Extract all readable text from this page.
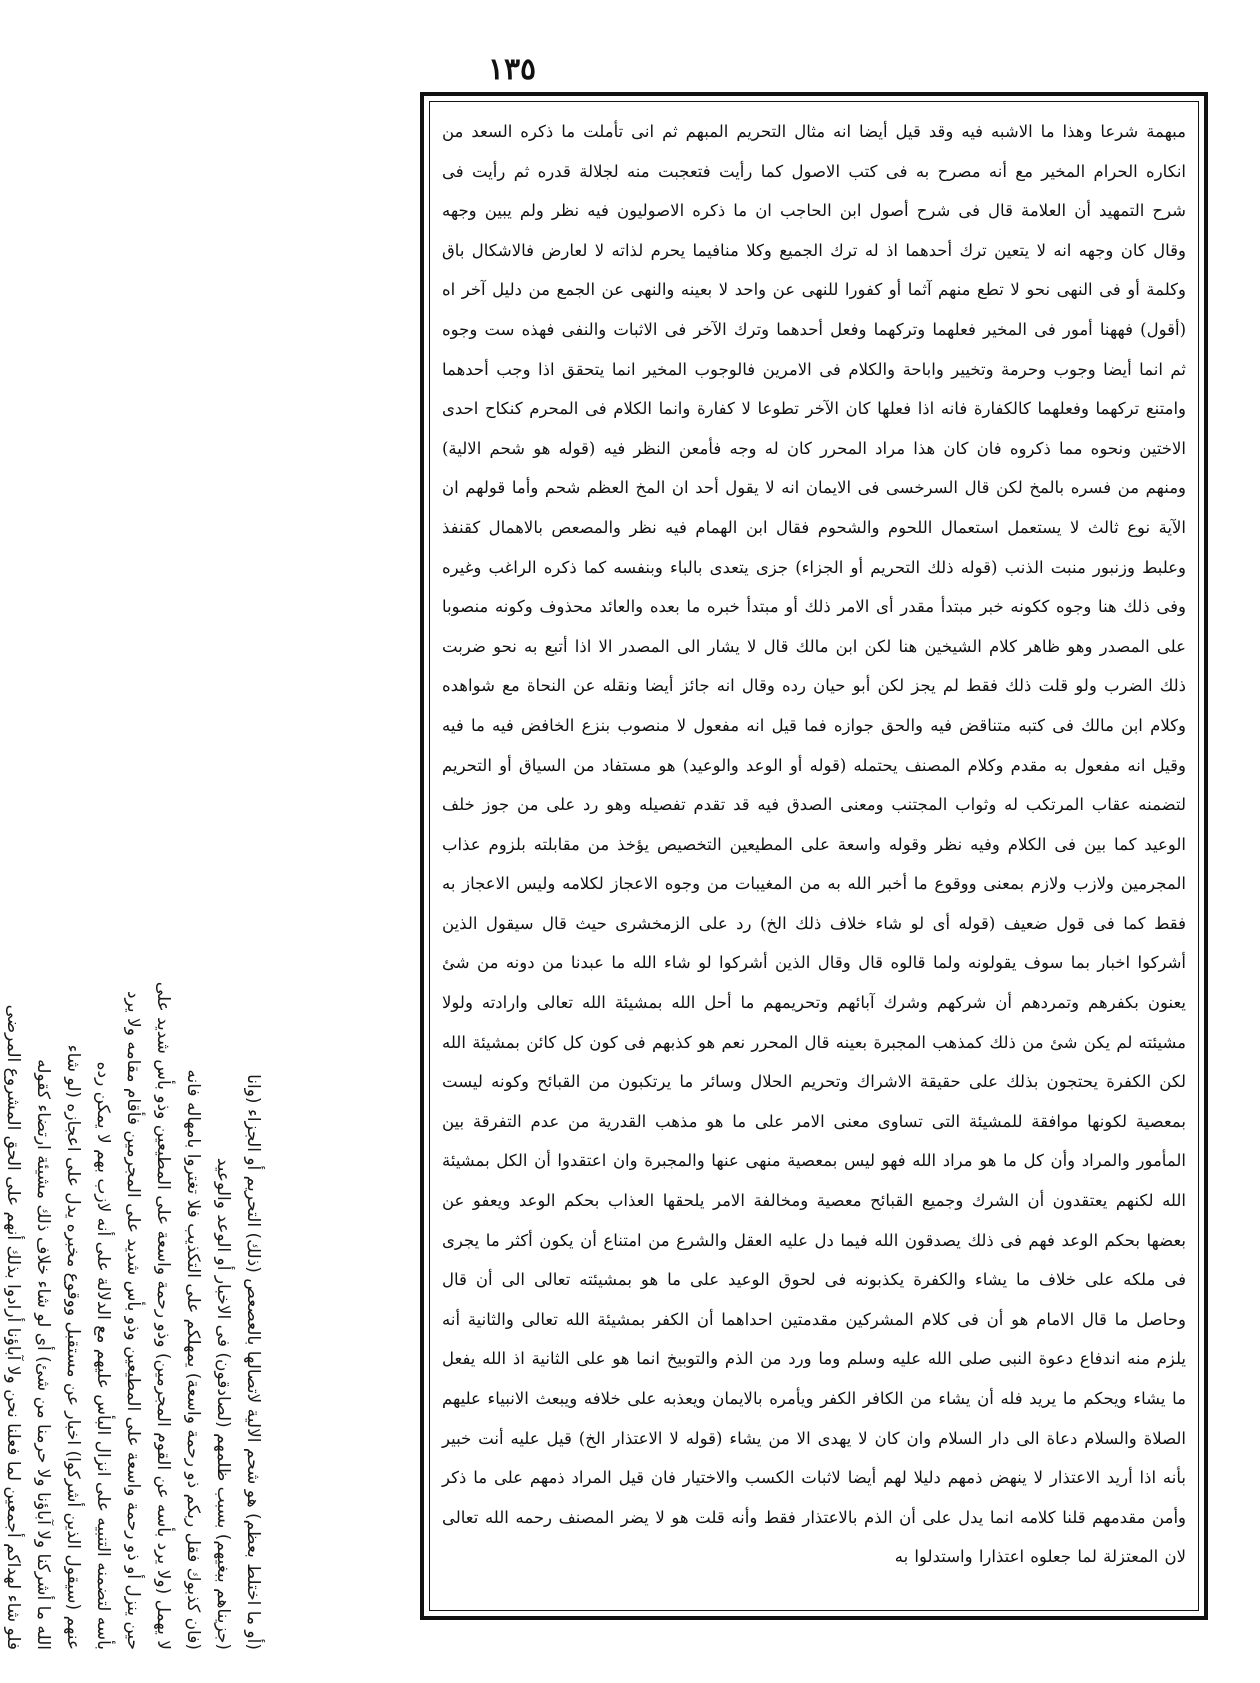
١٣٥

(أو ما اختلط بعظم) هو شحم الالية لاتصالها بالعصعص (ذلك) التحريم أو الجزاء (وانا

(جزيناهم ببغيهم) بسبب ظلمهم (لصادقون) فى الاخبار أو الوعد والوعيد

(فان كذبوك فقل ربكم ذو رحمة واسعة) يمهلكم على التكذيب فلا تغتروا بامهاله فانه

لا يهمل (ولا يرد بأسه عن القوم المجرمين) وذو رحمة واسعة على المطيعين وذو بأس شديد على

حين ينزل أو ذو رحمة واسعة على المطيعين وذو بأس شديد على المجرمين فأقام مقامه ولا يرد

بأسه لتضمنه التنبيه على انزال البأس عليهم مع الدلالة على أنه لازب بهم لا يمكن رده

عنهم (سيقول الذين أشركوا) اخبار عن مستقبل ووقوع مخبره يدل على اعجازه (لو شاء

الله ما أشركنا ولا آباؤنا ولا حرمنا من شئ) أى لو شاء خلاف ذلك مشيئة ارتضاء كقوله

فلو شاء لهداكم أجمعين لما فعلنا نحن ولا آباؤنا أرادوا بذلك أنهم على الحق المشروع المرضى

مبهمة شرعا وهذا ما الاشبه فيه وقد قيل أيضا انه مثال التحريم المبهم ثم انى تأملت ما ذكره السعد من انكاره الحرام المخير مع أنه مصرح به فى كتب الاصول كما رأيت فتعجبت منه لجلالة قدره ثم رأيت فى شرح التمهيد أن العلامة قال فى شرح أصول ابن الحاجب ان ما ذكره الاصوليون فيه نظر ولم يبين وجهه وقال كان وجهه انه لا يتعين ترك أحدهما اذ له ترك الجميع وكلا منافيما يحرم لذاته لا لعارض فالاشكال باق وكلمة أو فى النهى نحو لا تطع منهم آثما أو كفورا للنهى عن واحد لا بعينه والنهى عن الجمع من دليل آخر اه (أقول) فههنا أمور فى المخير فعلهما وتركهما وفعل أحدهما وترك الآخر فى الاثبات والنفى فهذه ست وجوه ثم انما أيضا وجوب وحرمة وتخيير واباحة والكلام فى الامرين فالوجوب المخير انما يتحقق اذا وجب أحدهما وامتنع تركهما وفعلهما كالكفارة فانه اذا فعلها كان الآخر تطوعا لا كفارة وانما الكلام فى المحرم كنكاح احدى الاختين ونحوه مما ذكروه فان كان هذا مراد المحرر كان له وجه فأمعن النظر فيه (قوله هو شحم الالية) ومنهم من فسره بالمخ لكن قال السرخسى فى الايمان انه لا يقول أحد ان المخ العظم شحم وأما قولهم ان الآية نوع ثالث لا يستعمل استعمال اللحوم والشحوم فقال ابن الهمام فيه نظر والمصعص بالاهمال كقنفذ وعلبط وزنبور منبت الذنب (قوله ذلك التحريم أو الجزاء) جزى يتعدى بالباء وبنفسه كما ذكره الراغب وغيره وفى ذلك هنا وجوه ككونه خبر مبتدأ مقدر أى الامر ذلك أو مبتدأ خبره ما بعده والعائد محذوف وكونه منصوبا على المصدر وهو ظاهر كلام الشيخين هنا لكن ابن مالك قال لا يشار الى المصدر الا اذا أتبع به نحو ضربت ذلك الضرب ولو قلت ذلك فقط لم يجز لكن أبو حيان رده وقال انه جائز أيضا ونقله عن النحاة مع شواهده وكلام ابن مالك فى كتبه متناقض فيه والحق جوازه فما قيل انه مفعول لا منصوب بنزع الخافض فيه ما فيه وقيل انه مفعول به مقدم وكلام المصنف يحتمله (قوله أو الوعد والوعيد) هو مستفاد من السياق أو التحريم لتضمنه عقاب المرتكب له وثواب المجتنب ومعنى الصدق فيه قد تقدم تفصيله وهو رد على من جوز خلف الوعيد كما بين فى الكلام وفيه نظر وقوله واسعة على المطيعين التخصيص يؤخذ من مقابلته بلزوم عذاب المجرمين ولازب ولازم بمعنى ووقوع ما أخبر الله به من المغيبات من وجوه الاعجاز لكلامه وليس الاعجاز به فقط كما فى قول ضعيف (قوله أى لو شاء خلاف ذلك الخ) رد على الزمخشرى حيث قال سيقول الذين أشركوا اخبار بما سوف يقولونه ولما قالوه قال وقال الذين أشركوا لو شاء الله ما عبدنا من دونه من شئ يعنون بكفرهم وتمردهم أن شركهم وشرك آبائهم وتحريمهم ما أحل الله بمشيئة الله تعالى وارادته ولولا مشيئته لم يكن شئ من ذلك كمذهب المجبرة بعينه قال المحرر نعم هو كذبهم فى كون كل كائن بمشيئة الله لكن الكفرة يحتجون بذلك على حقيقة الاشراك وتحريم الحلال وسائر ما يرتكبون من القبائح وكونه ليست بمعصية لكونها موافقة للمشيئة التى تساوى معنى الامر على ما هو مذهب القدرية من عدم التفرقة بين المأمور والمراد وأن كل ما هو مراد الله فهو ليس بمعصية منهى عنها والمجبرة وان اعتقدوا أن الكل بمشيئة الله لكنهم يعتقدون أن الشرك وجميع القبائح معصية ومخالفة الامر يلحقها العذاب بحكم الوعد ويعفو عن بعضها بحكم الوعد فهم فى ذلك يصدقون الله فيما دل عليه العقل والشرع من امتناع أن يكون أكثر ما يجرى فى ملكه على خلاف ما يشاء والكفرة يكذبونه فى لحوق الوعيد على ما هو بمشيئته تعالى الى أن قال وحاصل ما قال الامام هو أن فى كلام المشركين مقدمتين احداهما أن الكفر بمشيئة الله تعالى والثانية أنه يلزم منه اندفاع دعوة النبى صلى الله عليه وسلم وما ورد من الذم والتوبيخ انما هو على الثانية اذ الله يفعل ما يشاء ويحكم ما يريد فله أن يشاء من الكافر الكفر ويأمره بالايمان ويعذبه على خلافه ويبعث الانبياء عليهم الصلاة والسلام دعاة الى دار السلام وان كان لا يهدى الا من يشاء (قوله لا الاعتذار الخ) قيل عليه أنت خبير بأنه اذا أريد الاعتذار لا ينهض ذمهم دليلا لهم أيضا لاثبات الكسب والاختيار فان قيل المراد ذمهم على ما ذكر وأمن مقدمهم قلنا كلامه انما يدل على أن الذم بالاعتذار فقط وأنه قلت هو لا يضر المصنف رحمه الله تعالى لان المعتزلة لما جعلوه اعتذارا واستدلوا به
